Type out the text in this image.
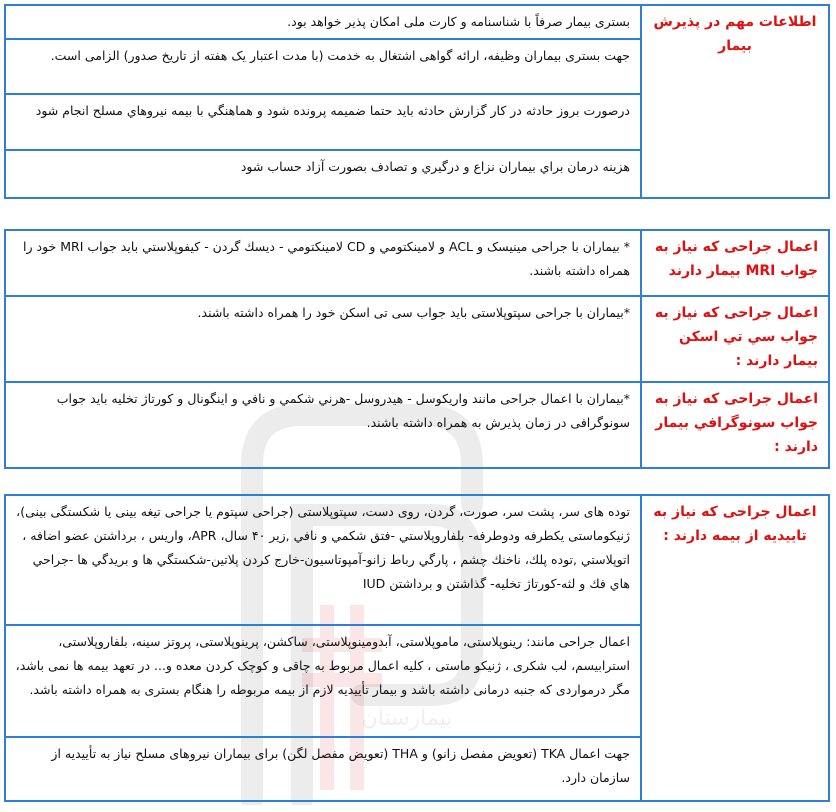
بیمارستان
اطلاعات مهم در پذیرش بیمار

بستری بیمار صرفاً با شناسنامه و کارت ملی امکان پذیر خواهد بود.

جهت بستری بیماران وظیفه، ارائه گواهی اشتغال به خدمت (با مدت اعتبار یک هفته از تاریخ صدور) الزامی است.

درصورت بروز حادثه در کار گزارش حادثه باید حتما ضميمه پرونده شود و هماهنگي با بيمه نيروهاي مسلح انجام شود

هزينه درمان براي بيماران نزاع و درگيري و تصادف بصورت آزاد حساب شود
اعمال جراحی که نیاز به جواب MRI بیمار دارند	* بیماران با جراحی مینیسک و ACL و لامينكتومي و CD لامينكتومي - دیسك گردن - کیفوپلاستي باید جواب MRI خود را همراه داشته باشند.

اعمال جراحی که نیاز به جواب سي تي اسكن بیمار دارند :	*بیماران با جراحی سپتوپلاستی باید جواب سی تی اسکن خود را همراه داشته باشند.

اعمال جراحی که نیاز به جواب سونوگرافي بیمار دارند :	*بیماران با اعمال جراحی مانند واریکوسل - هيدروسل -هرني شكمي و نافي و اينگونال و كورتاژ تخليه باید جواب سونوگرافی در زمان پذیرش به همراه داشته باشند.
اعمال جراحی که نیاز به تاییدیه از بیمه دارند :

توده های سر، پشت سر، صورت، گردن، روی دست، سپتوپلاستی (جراحی سپتوم یا جراحی تیغه بینی یا شکستگی بینی)، ژنیکوماستی یکطرفه ودوطرفه- بلفاروپلاستي -فتق شكمي و نافي ,زير ۴٠ سال، APR، واریس ، برداشتن عضو اضافه ، اتوپلاستي ,توده پلك، ناخنك چشم ، پارگي رباط زانو-آمپوتاسيون-خارج كردن پلاتين-شكستگي ها و بريدگي ها -جراحي هاي فك و لثه-كورتاژ تخليه- گذاشتن و برداشتن IUD

اعمال جراحی مانند: رینوپلاستی، ماموپلاستی، آبدومینوپلاستی، ساکشن، پرینوپلاستی، پروتز سینه، بلفاروپلاستی، استرابیسم، لب شکری ، ژنیکو ماستی ، کلیه اعمال مربوط به چاقی و کوچک کردن معده و... در تعهد بیمه ها نمی باشد، مگر درمواردی که جنبه درمانی داشته باشد و بیمار تأییدیه لازم از بیمه مربوطه را هنگام بستری به همراه داشته باشد.

جهت اعمال TKA (تعويض مفصل زانو) و THA (تعويض مفصل لگن) براى بيماران نيروهاى مسلح نياز به تأييديه از سازمان دارد.
